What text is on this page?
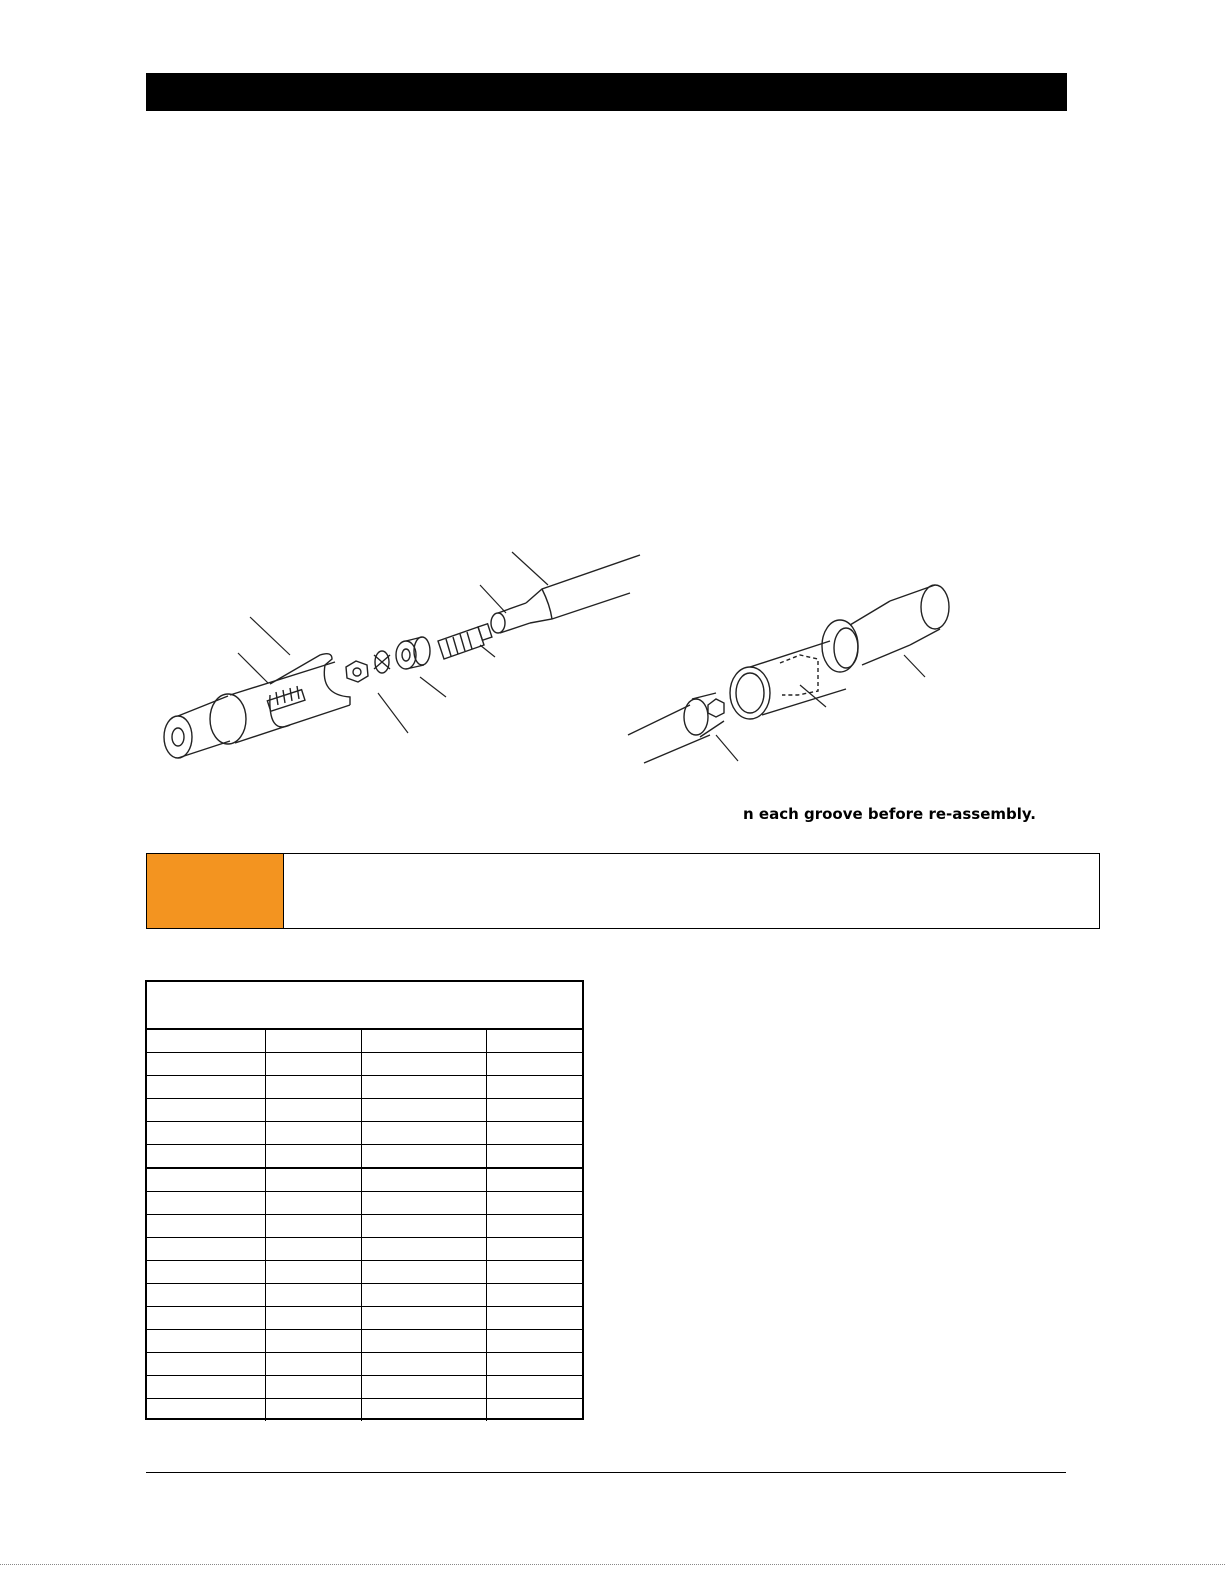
n each groove before re-assembly.
